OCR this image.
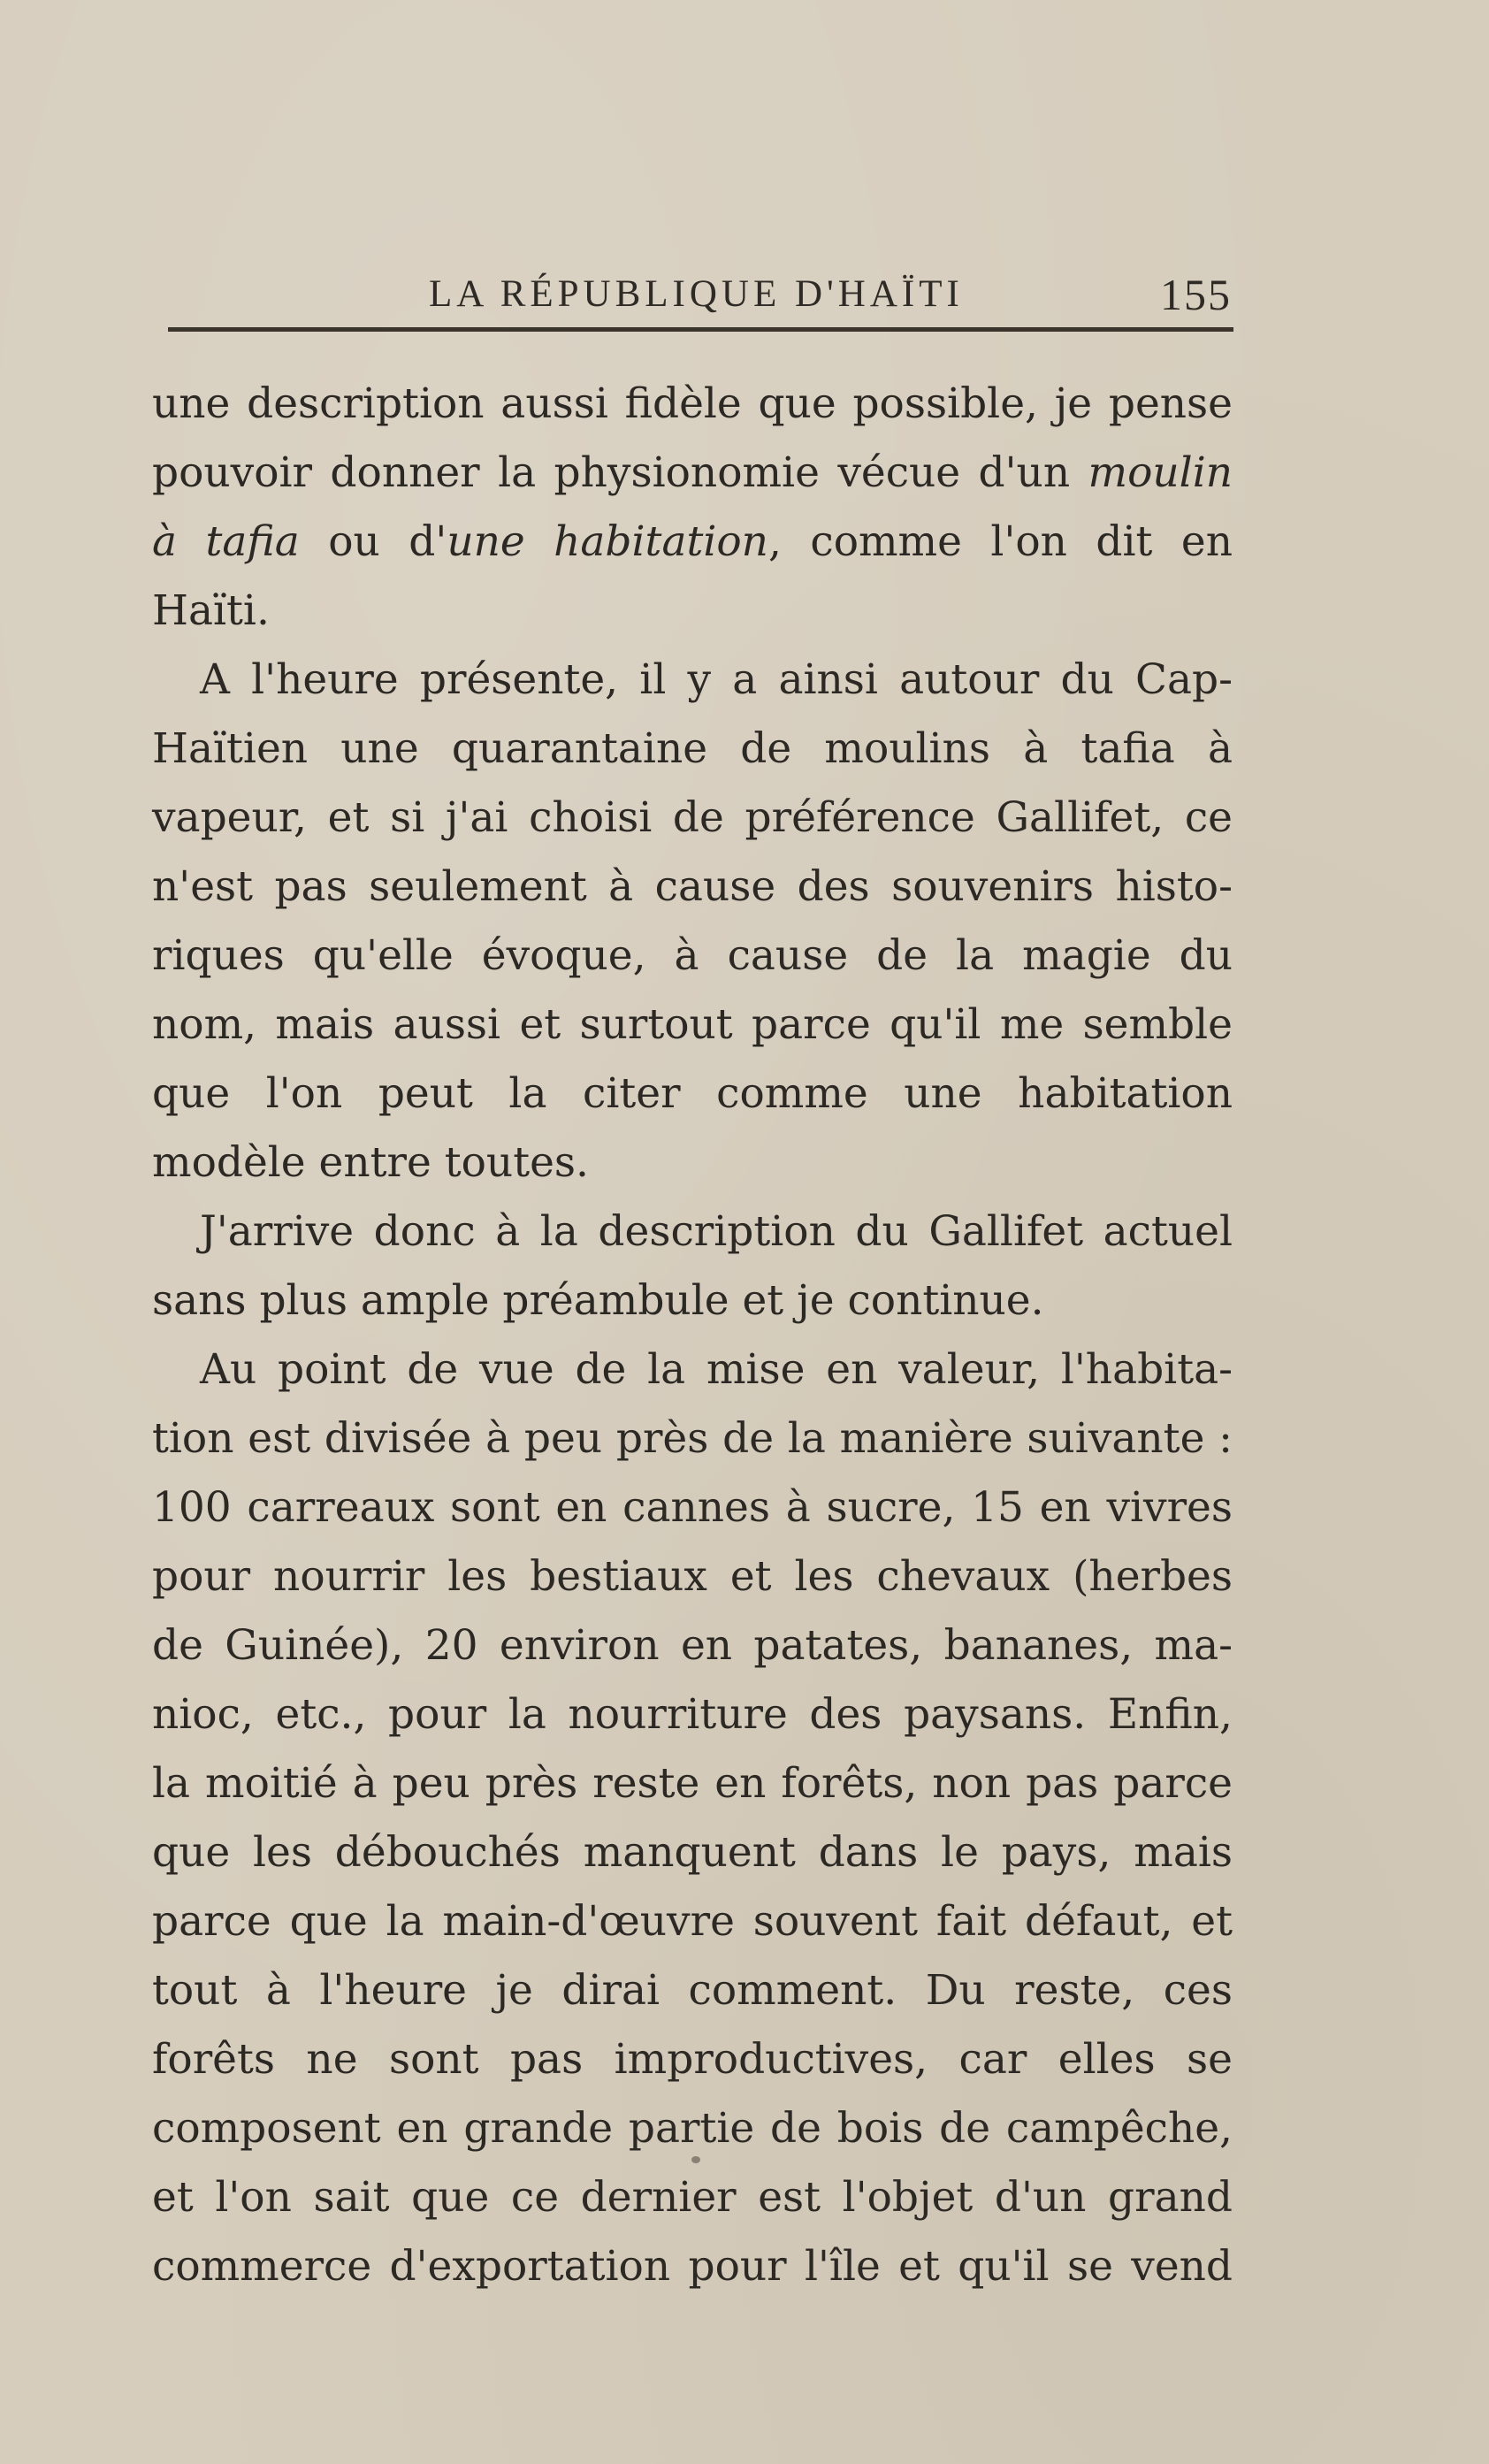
LA RÉPUBLIQUE D'HAÏTI	155
une description aussi fidèle que possible, je pense
pouvoir donner la physionomie vécue d'un moulin
à tafia ou d'une habitation, comme l'on dit en
Haïti.
A l'heure présente, il y a ainsi autour du Cap-
Haïtien une quarantaine de moulins à tafia à
vapeur, et si j'ai choisi de préférence Gallifet, ce
n'est pas seulement à cause des souvenirs histo-
riques qu'elle évoque, à cause de la magie du
nom, mais aussi et surtout parce qu'il me semble
que l'on peut la citer comme une habitation
modèle entre toutes.
J'arrive donc à la description du Gallifet actuel
sans plus ample préambule et je continue.
Au point de vue de la mise en valeur, l'habita-
tion est divisée à peu près de la manière suivante :
100 carreaux sont en cannes à sucre, 15 en vivres
pour nourrir les bestiaux et les chevaux (herbes
de Guinée), 20 environ en patates, bananes, ma-
nioc, etc., pour la nourriture des paysans. Enfin,
la moitié à peu près reste en forêts, non pas parce
que les débouchés manquent dans le pays, mais
parce que la main-d'œuvre souvent fait défaut, et
tout à l'heure je dirai comment. Du reste, ces
forêts ne sont pas improductives, car elles se
composent en grande partie de bois de campêche,
et l'on sait que ce dernier est l'objet d'un grand
commerce d'exportation pour l'île et qu'il se vend
